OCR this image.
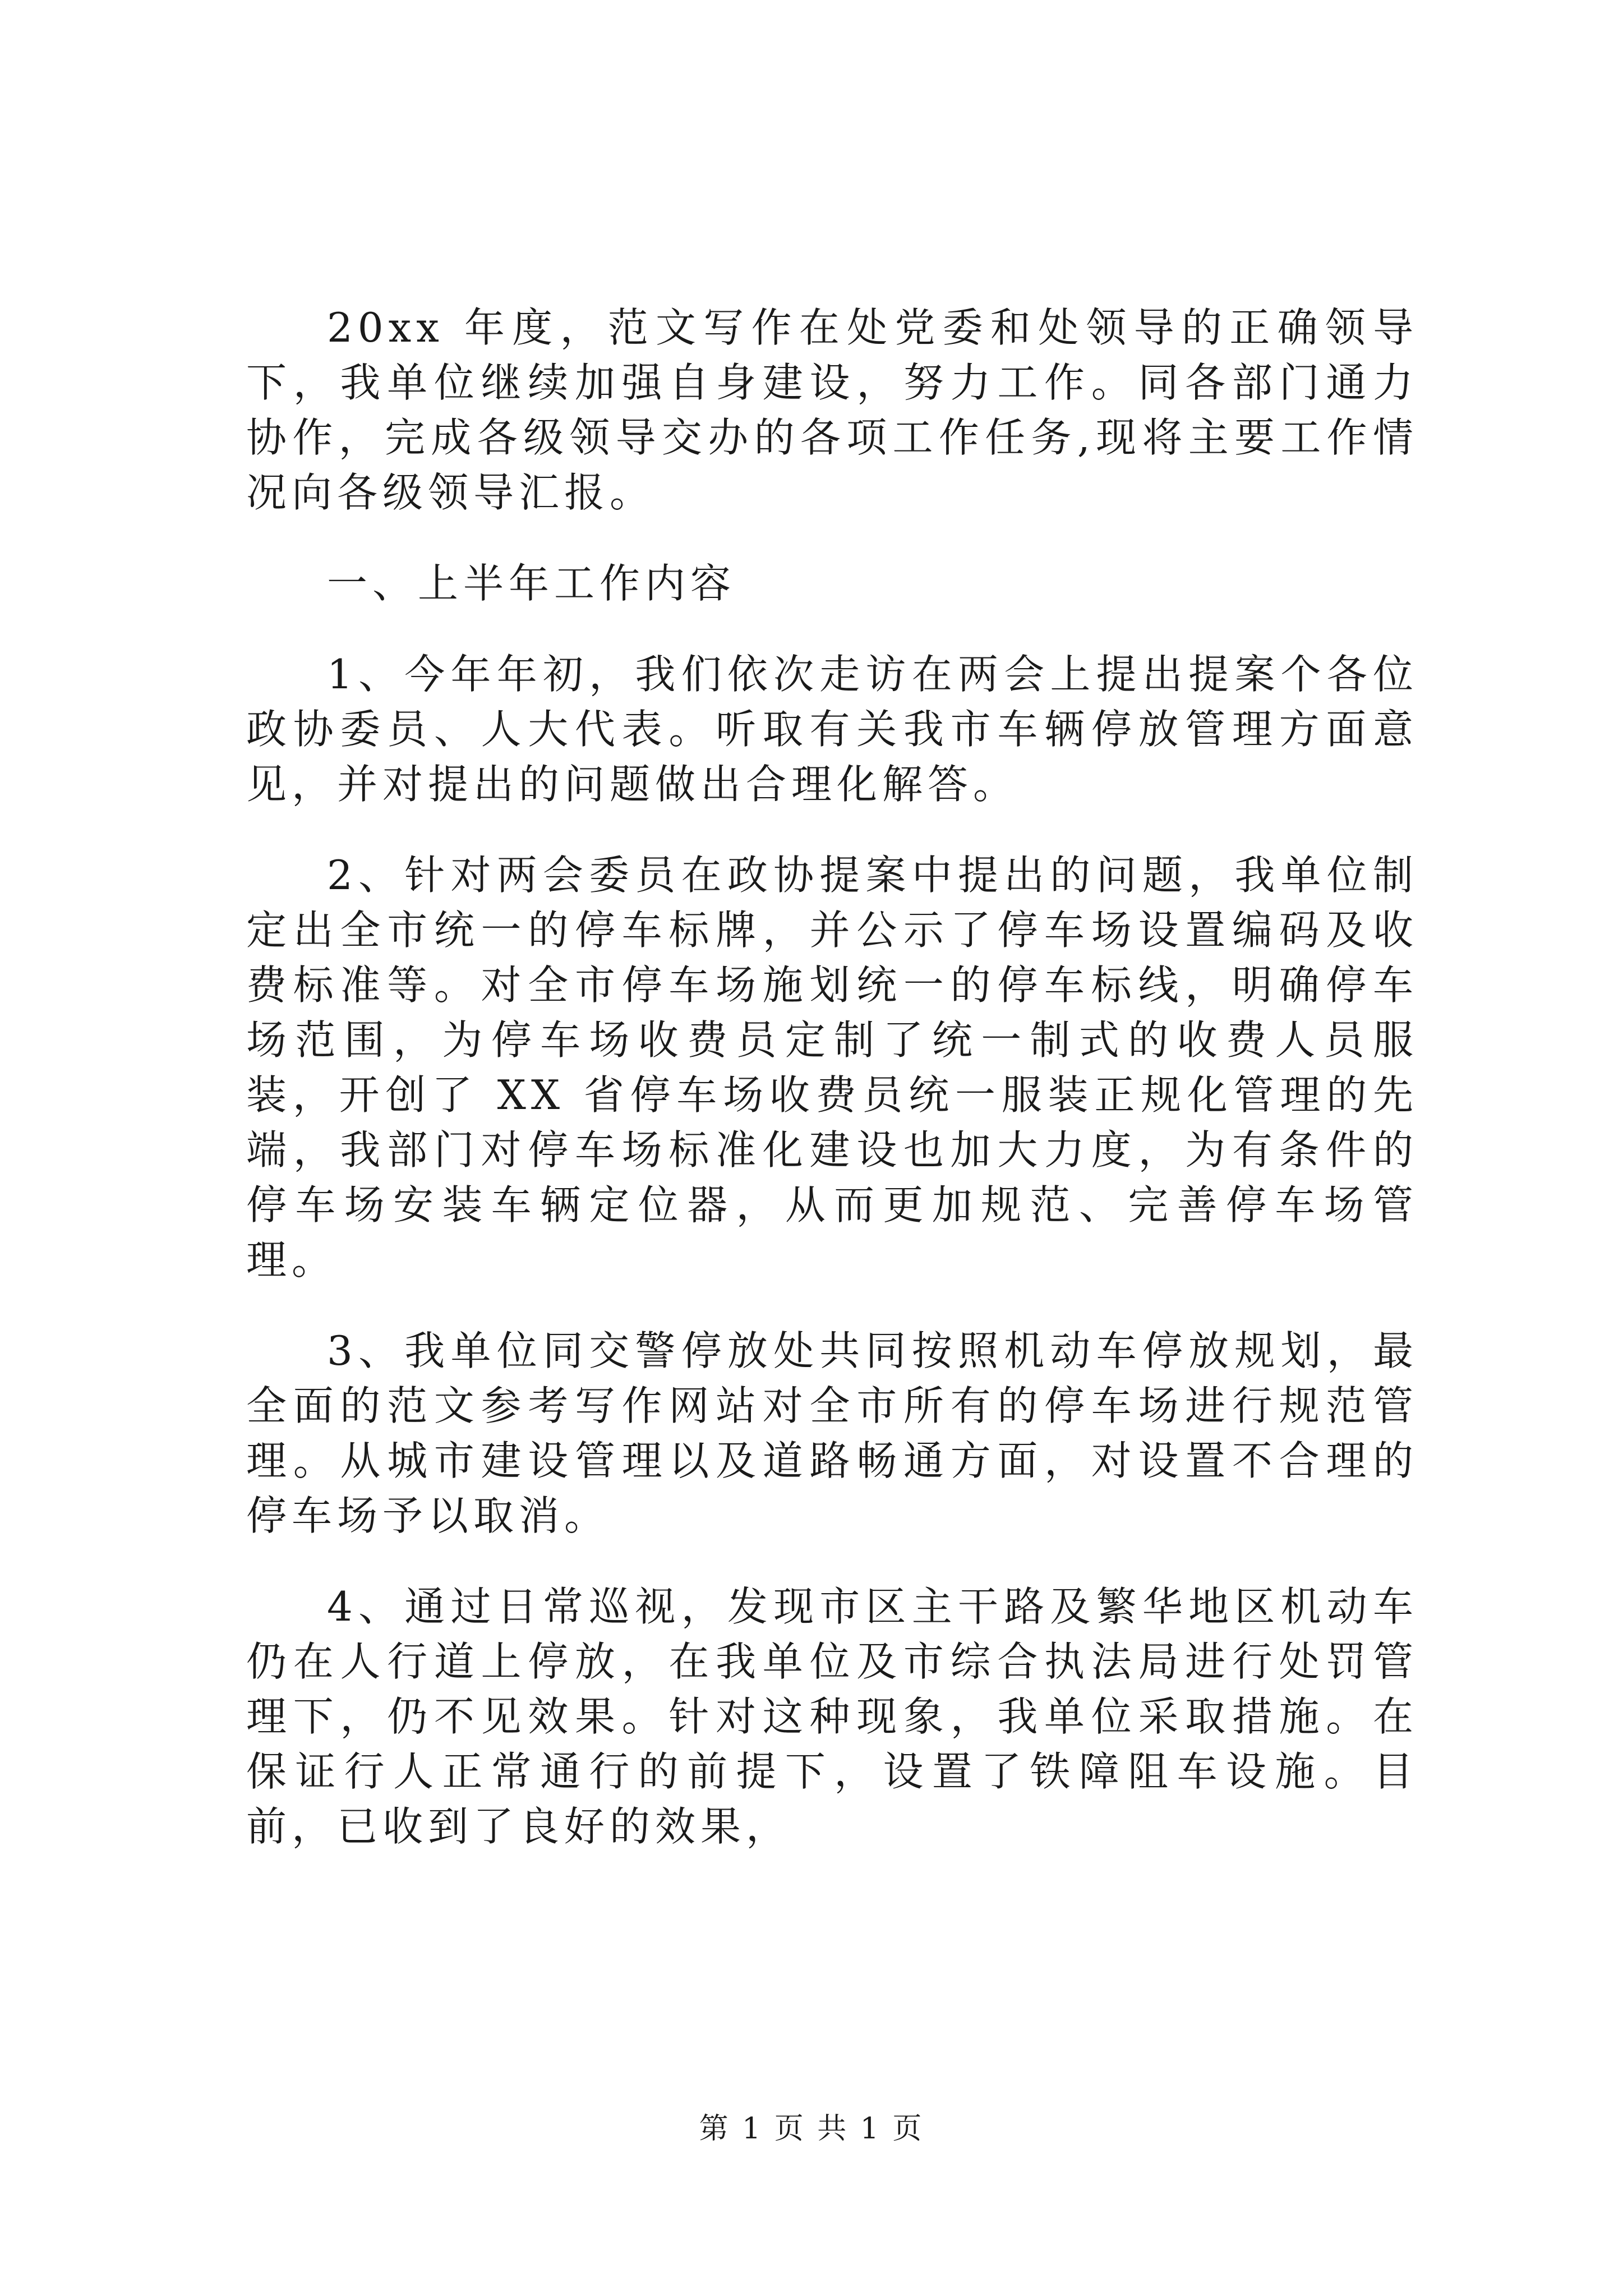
20xx 年度，范文写作在处党委和处领导的正确领导下，我单位继续加强自身建设，努力工作。同各部门通力协作，完成各级领导交办的各项工作任务,现将主要工作情况向各级领导汇报。

一、上半年工作内容

1、今年年初，我们依次走访在两会上提出提案个各位政协委员、人大代表。听取有关我市车辆停放管理方面意见，并对提出的问题做出合理化解答。

2、针对两会委员在政协提案中提出的问题，我单位制定出全市统一的停车标牌，并公示了停车场设置编码及收费标准等。对全市停车场施划统一的停车标线，明确停车场范围，为停车场收费员定制了统一制式的收费人员服装，开创了 XX 省停车场收费员统一服装正规化管理的先端，我部门对停车场标准化建设也加大力度，为有条件的停车场安装车辆定位器，从而更加规范、完善停车场管理。

3、我单位同交警停放处共同按照机动车停放规划，最全面的范文参考写作网站对全市所有的停车场进行规范管理。从城市建设管理以及道路畅通方面，对设置不合理的停车场予以取消。

4、通过日常巡视，发现市区主干路及繁华地区机动车仍在人行道上停放，在我单位及市综合执法局进行处罚管理下，仍不见效果。针对这种现象，我单位采取措施。在保证行人正常通行的前提下，设置了铁障阻车设施。目前，已收到了良好的效果，

第 1 页 共 1 页
